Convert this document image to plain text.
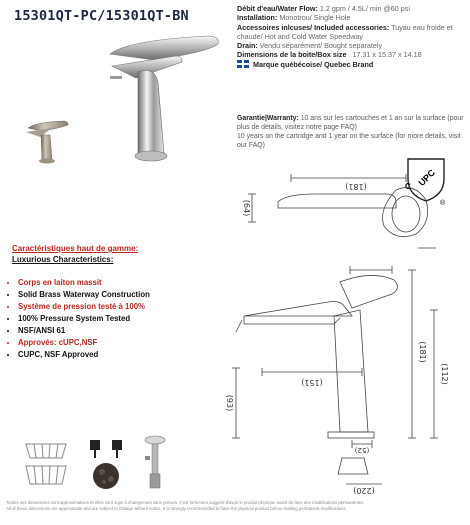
15301QT-PC/15301QT-BN	Débit d'eau/Water Flow: 1.2 gpm / 4.5L/ min @60 psi

Installation: Monotrou/ Single Hole

Accessoires inlcuses/ Included accessories: Tuyau eau froide et chaude/ Hot and Cold Water Speedway

Drain: Vendu séparément/ Bought separately

Dimensions de la boite/Box size 17.31 x 15.37 x 14.18

Marque québécoise/ Quebec Brand

Garantie|Warranty: 10 ans sur les cartouches et 1 an sur la surface (pour plus de détails, visitez notre page FAQ)
10 years on the cartridge and 1 year on the surface (for more details, visit our FAQ)
UPC
C
®
(181)
(64)
(151)
(93)
(181)
(112)
(52)
(220)
Caractéristiques haut de gamme:
Luxurious Characteristics:
• Corps en laiton massit
• Solid Brass Waterway Construction
• Système de pression testé à 100%
• 100% Pressure System Tested
• NSF/ANSI 61
• Approvés: cUPC,NSF
• CUPC, NSF Approved
Toutes ses dimensions sont approximatives et elles sont sujet à changement sans préavis. Il est fortement suggéré d'avoir le produit physique avant de faire des modifications permanentes.
All of these dimensions are approximate and are subject to change without notice. It is strongly recommended to have the physical product before making permanent modifications.
